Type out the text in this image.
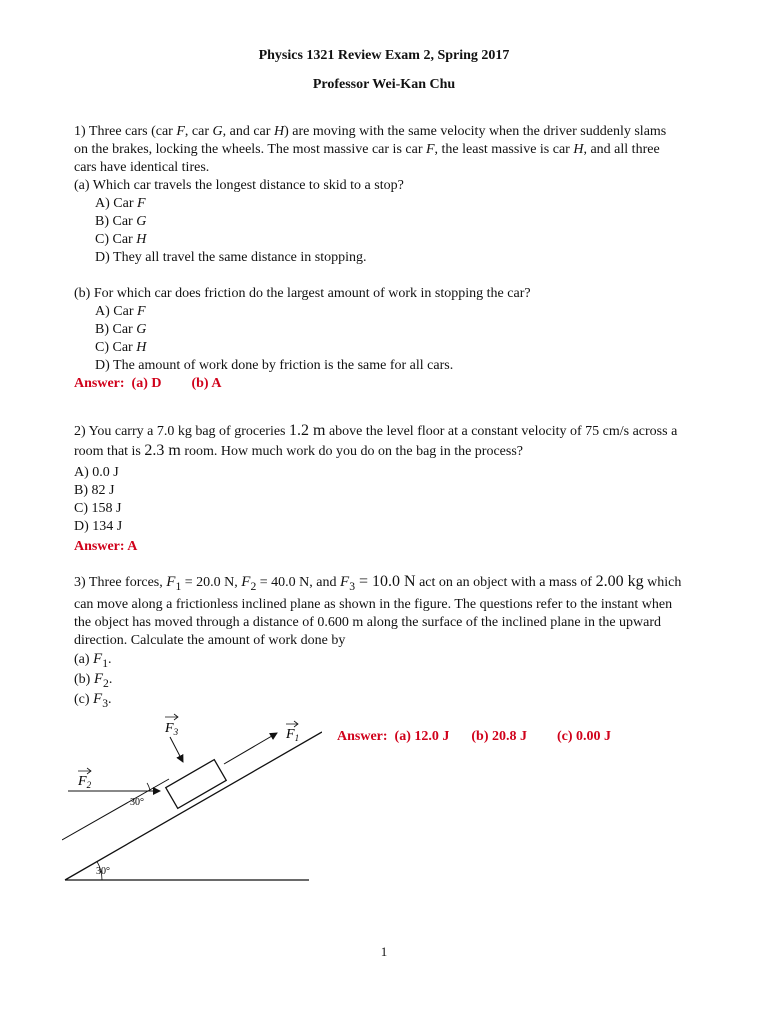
Physics 1321 Review Exam 2, Spring 2017
Professor Wei-Kan Chu
1) Three cars (car F, car G, and car H) are moving with the same velocity when the driver suddenly slams
on the brakes, locking the wheels. The most massive car is car F, the least massive is car H, and all three
cars have identical tires.
(a) Which car travels the longest distance to skid to a stop?
A) Car F
B) Car G
C) Car H
D) They all travel the same distance in stopping.
(b) For which car does friction do the largest amount of work in stopping the car?
A) Car F
B) Car G
C) Car H
D) The amount of work done by friction is the same for all cars.
Answer: (a) D (b) A
2) You carry a 7.0 kg bag of groceries 1.2 m above the level floor at a constant velocity of 75 cm/s across a
room that is 2.3 m room. How much work do you do on the bag in the process?
A) 0.0 J
B) 82 J
C) 158 J
D) 134 J
Answer: A
3) Three forces, $F_1 = 20.0$ N, $F_2 = 40.0$ N, and $F_3 = 10.0$ N act on an object with a mass of 2.00 kg which
can move along a frictionless inclined plane as shown in the figure. The questions refer to the instant when
the object has moved through a distance of 0.600 m along the surface of the inclined plane in the upward
direction. Calculate the amount of work done by
(a) $F_1$.
(b) $F_2$.
(c) $F_3$.
Answer: (a) 12.0 J (b) 20.8 J (c) 0.00 J
30°
$F_1$
$F_2$
30°
$F_3$
1
